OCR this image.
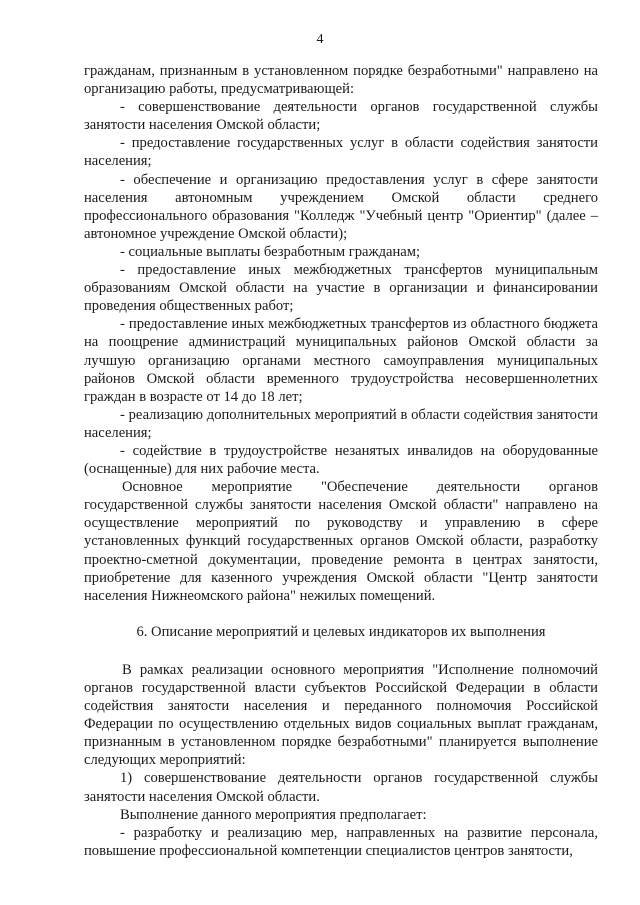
4

гражданам, признанным в установленном порядке безработными" направлено на организацию работы, предусматривающей:

- совершенствование деятельности органов государственной службы занятости населения Омской области;

- предоставление государственных услуг в области содействия занятости населения;

- обеспечение и организацию предоставления услуг в сфере занятости населения автономным учреждением Омской области среднего профессионального образования "Колледж "Учебный центр "Ориентир" (далее – автономное учреждение Омской области);

- социальные выплаты безработным гражданам;

- предоставление иных межбюджетных трансфертов муниципальным образованиям Омской области на участие в организации и финансировании проведения общественных работ;

- предоставление иных межбюджетных трансфертов из областного бюджета на поощрение администраций муниципальных районов Омской области за лучшую организацию органами местного самоуправления муниципальных районов Омской области временного трудоустройства несовершеннолетних граждан в возрасте от 14 до 18 лет;

- реализацию дополнительных мероприятий в области содействия занятости населения;

- содействие в трудоустройстве незанятых инвалидов на оборудованные (оснащенные) для них рабочие места.

Основное мероприятие "Обеспечение деятельности органов государственной службы занятости населения Омской области" направлено на осуществление мероприятий по руководству и управлению в сфере установленных функций государственных органов Омской области, разработку проектно-сметной документации, проведение ремонта в центрах занятости, приобретение для казенного учреждения Омской области "Центр занятости населения Нижнеомского района" нежилых помещений.

6. Описание мероприятий и целевых индикаторов их выполнения

В рамках реализации основного мероприятия "Исполнение полномочий органов государственной власти субъектов Российской Федерации в области содействия занятости населения и переданного полномочия Российской Федерации по осуществлению отдельных видов социальных выплат гражданам, признанным в установленном порядке безработными" планируется выполнение следующих мероприятий:

1) совершенствование деятельности органов государственной службы занятости населения Омской области.

Выполнение данного мероприятия предполагает:

- разработку и реализацию мер, направленных на развитие персонала, повышение профессиональной компетенции специалистов центров занятости,
